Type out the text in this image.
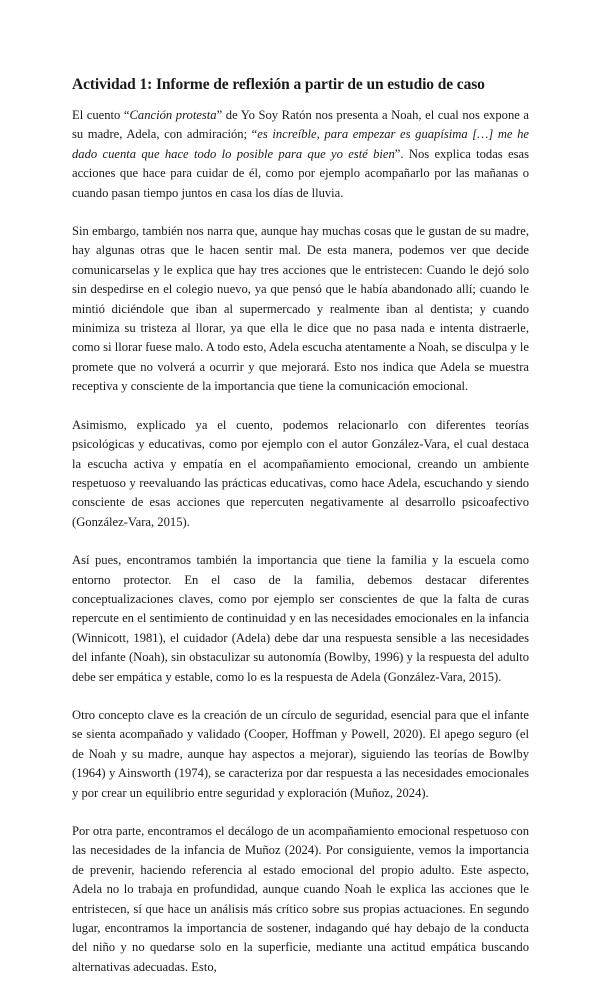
Actividad 1: Informe de reflexión a partir de un estudio de caso

El cuento “Canción protesta” de Yo Soy Ratón nos presenta a Noah, el cual nos expone a su madre, Adela, con admiración; “es increíble, para empezar es guapísima […] me he dado cuenta que hace todo lo posible para que yo esté bien”. Nos explica todas esas acciones que hace para cuidar de él, como por ejemplo acompañarlo por las mañanas o cuando pasan tiempo juntos en casa los días de lluvia.

Sin embargo, también nos narra que, aunque hay muchas cosas que le gustan de su madre, hay algunas otras que le hacen sentir mal. De esta manera, podemos ver que decide comunicarselas y le explica que hay tres acciones que le entristecen: Cuando le dejó solo sin despedirse en el colegio nuevo, ya que pensó que le había abandonado allí; cuando le mintió diciéndole que iban al supermercado y realmente iban al dentista; y cuando minimiza su tristeza al llorar, ya que ella le dice que no pasa nada e intenta distraerle, como si llorar fuese malo. A todo esto, Adela escucha atentamente a Noah, se disculpa y le promete que no volverá a ocurrir y que mejorará. Esto nos indica que Adela se muestra receptiva y consciente de la importancia que tiene la comunicación emocional.

Asimismo, explicado ya el cuento, podemos relacionarlo con diferentes teorías psicológicas y educativas, como por ejemplo con el autor González-Vara, el cual destaca la escucha activa y empatía en el acompañamiento emocional, creando un ambiente respetuoso y reevaluando las prácticas educativas, como hace Adela, escuchando y siendo consciente de esas acciones que repercuten negativamente al desarrollo psicoafectivo (González-Vara, 2015).

Así pues, encontramos también la importancia que tiene la familia y la escuela como entorno protector. En el caso de la familia, debemos destacar diferentes conceptualizaciones claves, como por ejemplo ser conscientes de que la falta de curas repercute en el sentimiento de continuidad y en las necesidades emocionales en la infancia (Winnicott, 1981), el cuidador (Adela) debe dar una respuesta sensible a las necesidades del infante (Noah), sin obstaculizar su autonomía (Bowlby, 1996) y la respuesta del adulto debe ser empática y estable, como lo es la respuesta de Adela (González-Vara, 2015).

Otro concepto clave es la creación de un círculo de seguridad, esencial para que el infante se sienta acompañado y validado (Cooper, Hoffman y Powell, 2020). El apego seguro (el de Noah y su madre, aunque hay aspectos a mejorar), siguiendo las teorías de Bowlby (1964) y Ainsworth (1974), se caracteriza por dar respuesta a las necesidades emocionales y por crear un equilibrio entre seguridad y exploración (Muñoz, 2024).

Por otra parte, encontramos el decálogo de un acompañamiento emocional respetuoso con las necesidades de la infancia de Muñoz (2024). Por consiguiente, vemos la importancia de prevenir, haciendo referencia al estado emocional del propio adulto. Este aspecto, Adela no lo trabaja en profundidad, aunque cuando Noah le explica las acciones que le entristecen, sí que hace un análisis más crítico sobre sus propias actuaciones. En segundo lugar, encontramos la importancia de sostener, indagando qué hay debajo de la conducta del niño y no quedarse solo en la superficie, mediante una actitud empática buscando alternativas adecuadas. Esto,
